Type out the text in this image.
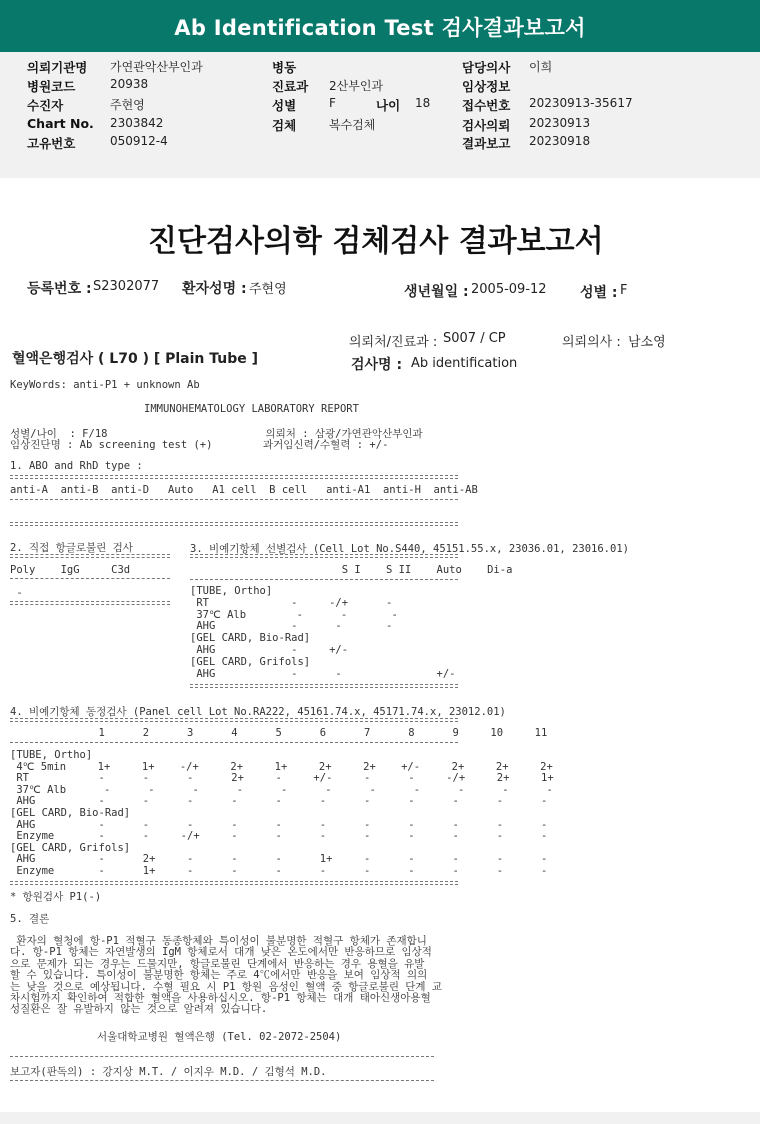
Ab Identification Test 검사결과보고서
의뢰기관명 가연관악산부인과
병원코드	20938
수진자	주현영
Chart No. 2303842
고유번호	050912-4
병동
진료과 2산부인과
성별	F	나이 18
검체	복수검체
담당의사 이희
임상정보
접수번호 20230913-35617
검사의뢰 20230913
결과보고 20230918
진단검사의학 검체검사 결과보고서
등록번호 : S2302077 환자성명 : 주현영	생년월일 : 2005-09-12 성별 : F
의뢰처/진료과 : S007 / CP	의뢰의사 : 남소영
혈액은행검사 ( L70 ) [ Plain Tube ]	검사명 : Ab identification
KeyWords: anti-P1 + unknown Ab
IMMUNOHEMATOLOGY LABORATORY REPORT
성별/나이  : F/18                         의뢰처 : 삼광/가연관악산부인과
임상진단명 : Ab screening test (+)        과거임신력/수혈력 : +/-
1. ABO and RhD type :
anti-A  anti-B  anti-D   Auto   A1 cell  B cell   anti-A1  anti-H  anti-AB
2. 직접 항글로불린 검사	3. 비예기항체 선별검사 (Cell Lot No.S440, 45151.55.x, 23036.01, 23016.01)
Poly    IgG     C3d	S I    S II    Auto    Di-a
-	[TUBE, Ortho]
RT             -     -/+      -
37℃ Alb        -      -       -
AHG            -      -       -
[GEL CARD, Bio-Rad]
AHG            -     +/-
[GEL CARD, Grifols]
AHG            -      -               +/-
4. 비예기항체 동정검사 (Panel cell Lot No.RA222, 45161.74.x, 45171.74.x, 23012.01)
1      2      3      4      5      6      7      8      9     10     11
[TUBE, Ortho]
4℃ 5min     1+     1+    -/+     2+     1+     2+     2+    +/-     2+     2+     2+
RT           -      -      -      2+     -     +/-     -      -     -/+     2+     1+
37℃ Alb      -      -      -      -      -      -      -      -      -      -      -
AHG          -      -      -      -      -      -      -      -      -      -      -
[GEL CARD, Bio-Rad]
AHG          -      -      -      -      -      -      -      -      -      -      -
Enzyme       -      -     -/+     -      -      -      -      -      -      -      -
[GEL CARD, Grifols]
AHG          -      2+     -      -      -      1+     -      -      -      -      -
Enzyme       -      1+     -      -      -      -      -      -      -      -      -
* 항원검사 P1(-)
5. 결론
환자의 혈청에 항-P1 적혈구 동종항체와 특이성이 불분명한 적혈구 항체가 존재합니
다. 항-P1 항체는 자연발생의 IgM 항체로서 대개 낮은 온도에서만 반응하므로 임상적
으로 문제가 되는 경우는 드물지만, 항글로불린 단계에서 반응하는 경우 용혈을 유발
할 수 있습니다. 특이성이 불분명한 항체는 주로 4℃에서만 반응을 보여 임상적 의의
는 낮을 것으로 예상됩니다. 수혈 필요 시 P1 항원 음성인 혈액 중 항글로불린 단계 교
차시험까지 확인하여 적합한 혈액을 사용하십시오. 항-P1 항체는 대개 태아신생아용혈
성질환은 잘 유발하지 않는 것으로 알려져 있습니다.
서울대학교병원 혈액은행 (Tel. 02-2072-2504)
보고자(판독의) : 강지상 M.T. / 이지우 M.D. / 김형석 M.D.
